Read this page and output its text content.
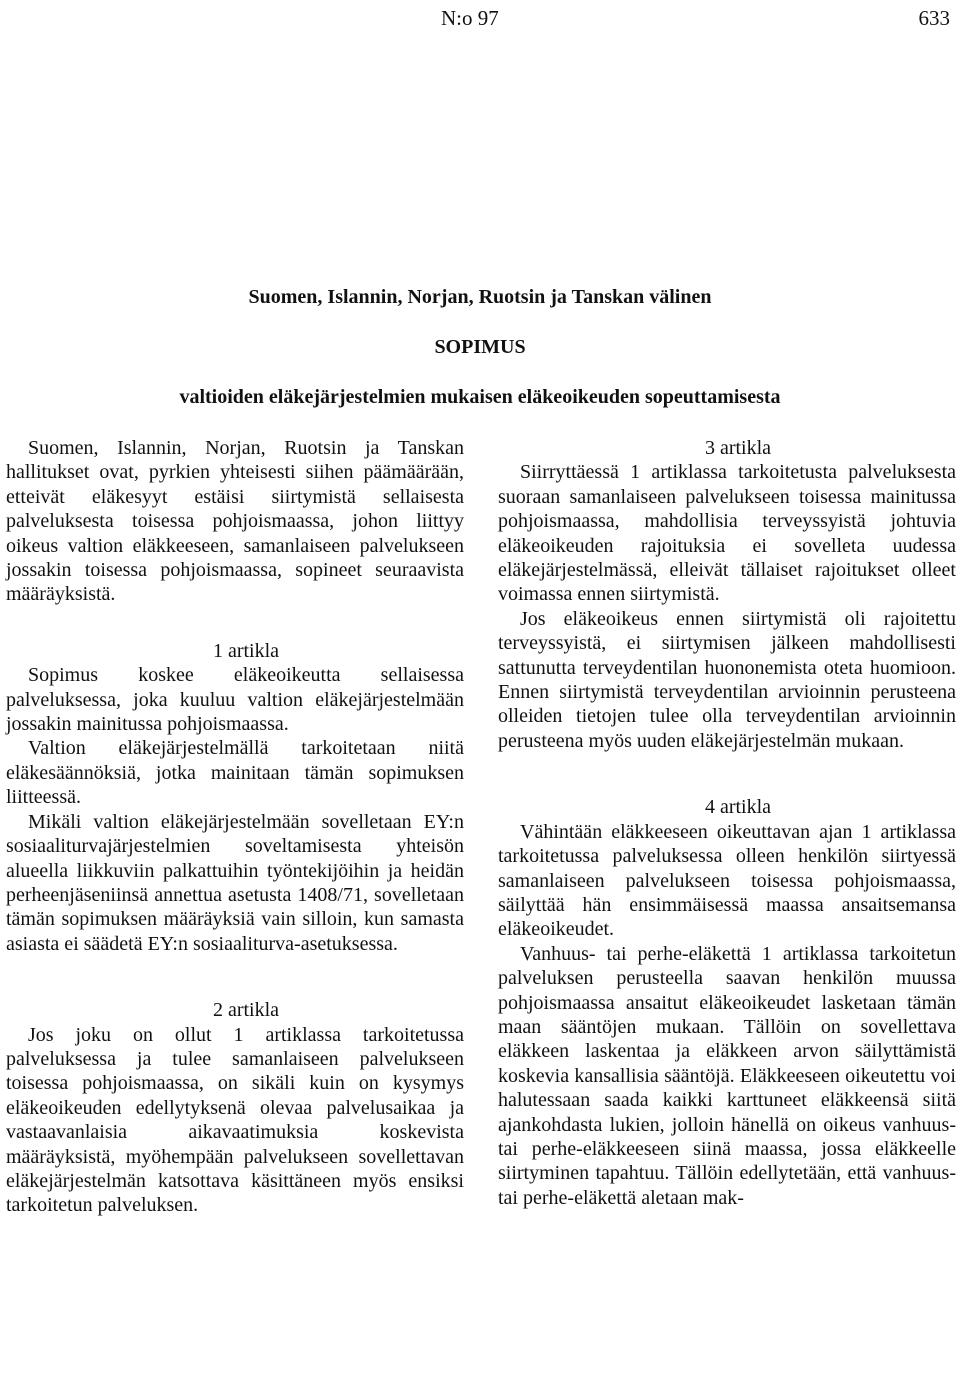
N:o 97	633
Suomen, Islannin, Norjan, Ruotsin ja Tanskan välinen
SOPIMUS
valtioiden eläkejärjestelmien mukaisen eläkeoikeuden sopeuttamisesta

Suomen, Islannin, Norjan, Ruotsin ja Tanskan hallitukset ovat, pyrkien yhteisesti siihen päämäärään, etteivät eläkesyyt estäisi siirtymistä sellaisesta palveluksesta toisessa pohjoismaassa, johon liittyy oikeus valtion eläkkeeseen, samanlaiseen palvelukseen jossakin toisessa pohjoismaassa, sopineet seuraavista määräyksistä.

1 artikla

Sopimus koskee eläkeoikeutta sellaisessa palveluksessa, joka kuuluu valtion eläkejärjestelmään jossakin mainitussa pohjoismaassa.

Valtion eläkejärjestelmällä tarkoitetaan niitä eläkesäännöksiä, jotka mainitaan tämän sopimuksen liitteessä.

Mikäli valtion eläkejärjestelmään sovelletaan EY:n sosiaaliturvajärjestelmien soveltamisesta yhteisön alueella liikkuviin palkattuihin työntekijöihin ja heidän perheenjäseniinsä annettua asetusta 1408/71, sovelletaan tämän sopimuksen määräyksiä vain silloin, kun samasta asiasta ei säädetä EY:n sosiaaliturva-asetuksessa.

2 artikla

Jos joku on ollut 1 artiklassa tarkoitetussa palveluksessa ja tulee samanlaiseen palvelukseen toisessa pohjoismaassa, on sikäli kuin on kysymys eläkeoikeuden edellytyksenä olevaa palvelusaikaa ja vastaavanlaisia aikavaatimuksia koskevista määräyksistä, myöhempään palvelukseen sovellettavan eläkejärjestelmän katsottava käsittäneen myös ensiksi tarkoitetun palveluksen.

3 artikla

Siirryttäessä 1 artiklassa tarkoitetusta palveluksesta suoraan samanlaiseen palvelukseen toisessa mainitussa pohjoismaassa, mahdollisia terveyssyistä johtuvia eläkeoikeuden rajoituksia ei sovelleta uudessa eläkejärjestelmässä, elleivät tällaiset rajoitukset olleet voimassa ennen siirtymistä.

Jos eläkeoikeus ennen siirtymistä oli rajoitettu terveyssyistä, ei siirtymisen jälkeen mahdollisesti sattunutta terveydentilan huononemista oteta huomioon. Ennen siirtymistä terveydentilan arvioinnin perusteena olleiden tietojen tulee olla terveydentilan arvioinnin perusteena myös uuden eläkejärjestelmän mukaan.

4 artikla

Vähintään eläkkeeseen oikeuttavan ajan 1 artiklassa tarkoitetussa palveluksessa olleen henkilön siirtyessä samanlaiseen palvelukseen toisessa pohjoismaassa, säilyttää hän ensimmäisessä maassa ansaitsemansa eläkeoikeudet.

Vanhuus- tai perhe-eläkettä 1 artiklassa tarkoitetun palveluksen perusteella saavan henkilön muussa pohjoismaassa ansaitut eläkeoikeudet lasketaan tämän maan sääntöjen mukaan. Tällöin on sovellettava eläkkeen laskentaa ja eläkkeen arvon säilyttämistä koskevia kansallisia sääntöjä. Eläkkeeseen oikeutettu voi halutessaan saada kaikki karttuneet eläkkeensä siitä ajankohdasta lukien, jolloin hänellä on oikeus vanhuus- tai perhe-eläkkeeseen siinä maassa, jossa eläkkeelle siirtyminen tapahtuu. Tällöin edellytetään, että vanhuus- tai perhe-eläkettä aletaan mak-
